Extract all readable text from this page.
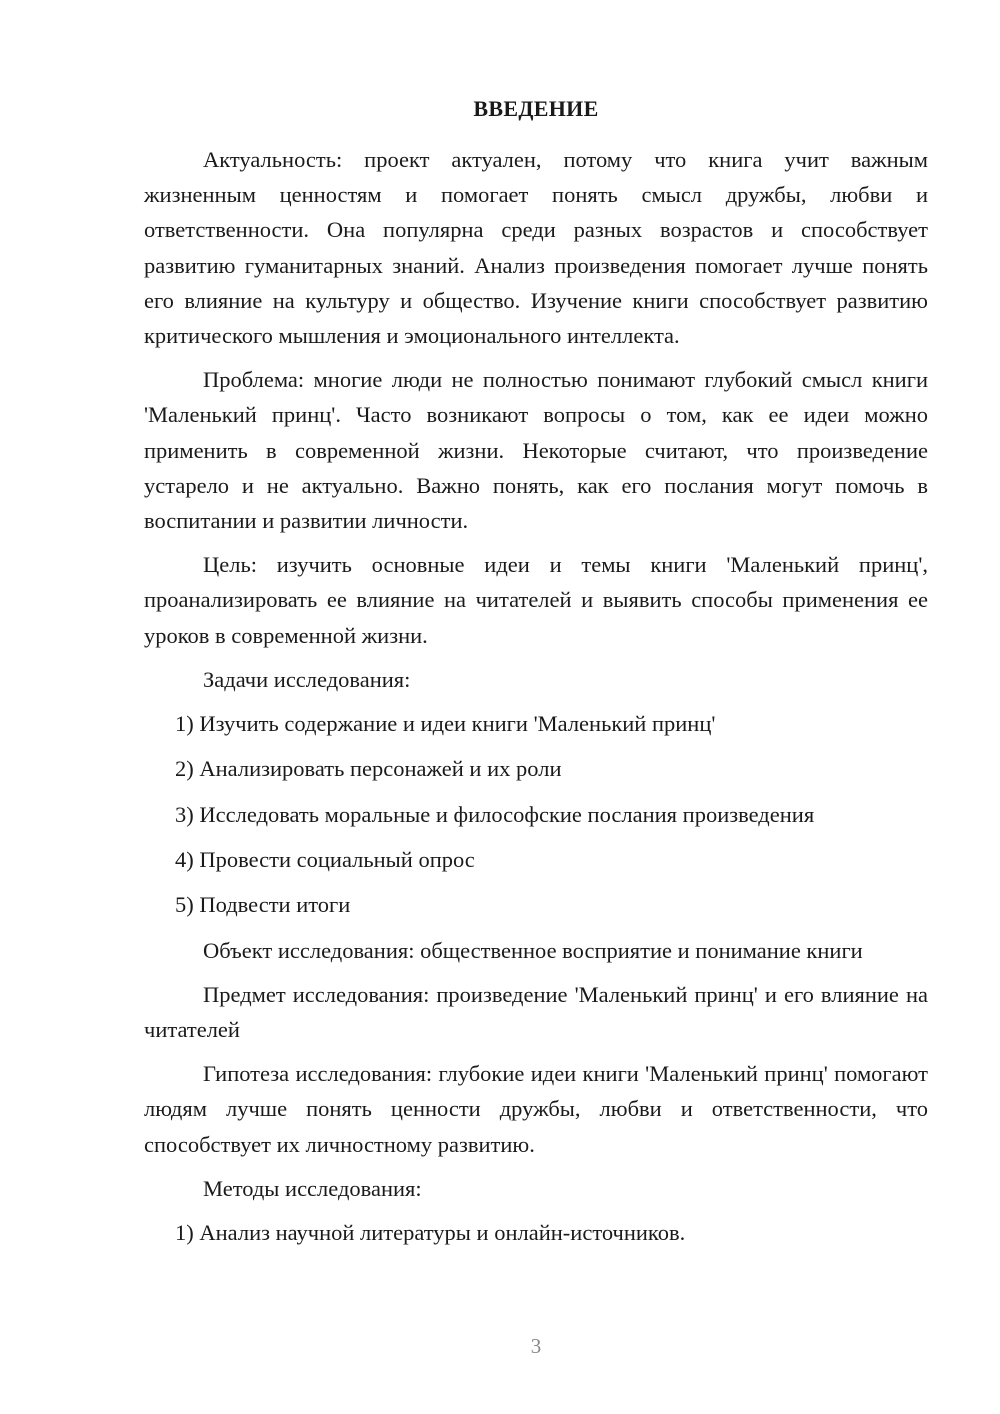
ВВЕДЕНИЕ

Актуальность: проект актуален, потому что книга учит важным жизненным ценностям и помогает понять смысл дружбы, любви и ответственности. Она популярна среди разных возрастов и способствует развитию гуманитарных знаний. Анализ произведения помогает лучше понять его влияние на культуру и общество. Изучение книги способствует развитию критического мышления и эмоционального интеллекта.

Проблема: многие люди не полностью понимают глубокий смысл книги 'Маленький принц'. Часто возникают вопросы о том, как ее идеи можно применить в современной жизни. Некоторые считают, что произведение устарело и не актуально. Важно понять, как его послания могут помочь в воспитании и развитии личности.

Цель: изучить основные идеи и темы книги 'Маленький принц', проанализировать ее влияние на читателей и выявить способы применения ее уроков в современной жизни.

Задачи исследования:

1) Изучить содержание и идеи книги 'Маленький принц'
2) Анализировать персонажей и их роли
3) Исследовать моральные и философские послания произведения
4) Провести социальный опрос
5) Подвести итоги

Объект исследования: общественное восприятие и понимание книги

Предмет исследования: произведение 'Маленький принц' и его влияние на читателей

Гипотеза исследования: глубокие идеи книги 'Маленький принц' помогают людям лучше понять ценности дружбы, любви и ответственности, что способствует их личностному развитию.

Методы исследования:

1) Анализ научной литературы и онлайн-источников.
3
